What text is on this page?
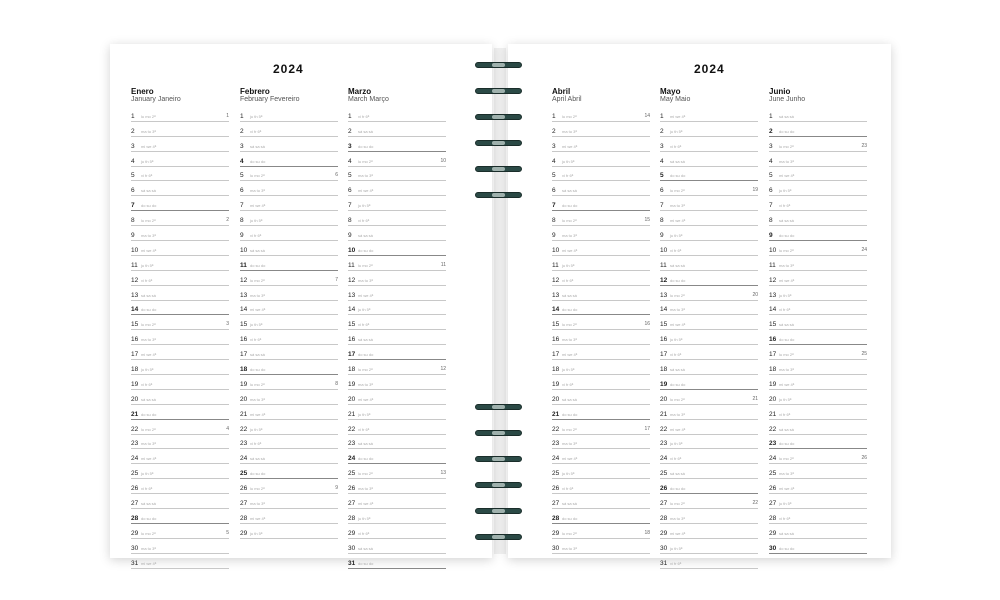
2024
Enero
January Janeiro
1 lu mo 2ª	1
2 ma tu 3ª
3 mi we 4ª
4 ju th 5ª
5 vi fr 6ª
6 sá sa sá
7 do su do
8 lu mo 2ª	2
9 ma tu 3ª
10 mi we 4ª
11 ju th 5ª
12 vi fr 6ª
13 sá sa sá
14 do su do
15 lu mo 2ª	3
16 ma tu 3ª
17 mi we 4ª
18 ju th 5ª
19 vi fr 6ª
20 sá sa sá
21 do su do
22 lu mo 2ª	4
23 ma tu 3ª
24 mi we 4ª
25 ju th 5ª
26 vi fr 6ª
27 sá sa sá
28 do su do
29 lu mo 2ª	5
30 ma tu 3ª
31 mi we 4ª
Febrero
February Fevereiro
1 ju th 5ª
2 vi fr 6ª
3 sá sa sá
4 do su do
5 lu mo 2ª	6
6 ma tu 3ª
7 mi we 4ª
8 ju th 5ª
9 vi fr 6ª
10 sá sa sá
11 do su do
12 lu mo 2ª	7
13 ma tu 3ª
14 mi we 4ª
15 ju th 5ª
16 vi fr 6ª
17 sá sa sá
18 do su do
19 lu mo 2ª	8
20 ma tu 3ª
21 mi we 4ª
22 ju th 5ª
23 vi fr 6ª
24 sá sa sá
25 do su do
26 lu mo 2ª	9
27 ma tu 3ª
28 mi we 4ª
29 ju th 5ª
Marzo
March Março
1 vi fr 6ª
2 sá sa sá
3 do su do
4 lu mo 2ª	10
5 ma tu 3ª
6 mi we 4ª
7 ju th 5ª
8 vi fr 6ª
9 sá sa sá
10 do su do
11 lu mo 2ª	11
12 ma tu 3ª
13 mi we 4ª
14 ju th 5ª
15 vi fr 6ª
16 sá sa sá
17 do su do
18 lu mo 2ª	12
19 ma tu 3ª
20 mi we 4ª
21 ju th 5ª
22 vi fr 6ª
23 sá sa sá
24 do su do
25 lu mo 2ª	13
26 ma tu 3ª
27 mi we 4ª
28 ju th 5ª
29 vi fr 6ª
30 sá sa sá
31 do su do
2024
Abril
April Abril
1 lu mo 2ª	14
2 ma tu 3ª
3 mi we 4ª
4 ju th 5ª
5 vi fr 6ª
6 sá sa sá
7 do su do
8 lu mo 2ª	15
9 ma tu 3ª
10 mi we 4ª
11 ju th 5ª
12 vi fr 6ª
13 sá sa sá
14 do su do
15 lu mo 2ª	16
16 ma tu 3ª
17 mi we 4ª
18 ju th 5ª
19 vi fr 6ª
20 sá sa sá
21 do su do
22 lu mo 2ª	17
23 ma tu 3ª
24 mi we 4ª
25 ju th 5ª
26 vi fr 6ª
27 sá sa sá
28 do su do
29 lu mo 2ª	18
30 ma tu 3ª
Mayo
May Maio
1 mi we 4ª
2 ju th 5ª
3 vi fr 6ª
4 sá sa sá
5 do su do
6 lu mo 2ª	19
7 ma tu 3ª
8 mi we 4ª
9 ju th 5ª
10 vi fr 6ª
11 sá sa sá
12 do su do
13 lu mo 2ª	20
14 ma tu 3ª
15 mi we 4ª
16 ju th 5ª
17 vi fr 6ª
18 sá sa sá
19 do su do
20 lu mo 2ª	21
21 ma tu 3ª
22 mi we 4ª
23 ju th 5ª
24 vi fr 6ª
25 sá sa sá
26 do su do
27 lu mo 2ª	22
28 ma tu 3ª
29 mi we 4ª
30 ju th 5ª
31 vi fr 6ª
Junio
June Junho
1 sá sa sá
2 do su do
3 lu mo 2ª	23
4 ma tu 3ª
5 mi we 4ª
6 ju th 5ª
7 vi fr 6ª
8 sá sa sá
9 do su do
10 lu mo 2ª	24
11 ma tu 3ª
12 mi we 4ª
13 ju th 5ª
14 vi fr 6ª
15 sá sa sá
16 do su do
17 lu mo 2ª	25
18 ma tu 3ª
19 mi we 4ª
20 ju th 5ª
21 vi fr 6ª
22 sá sa sá
23 do su do
24 lu mo 2ª	26
25 ma tu 3ª
26 mi we 4ª
27 ju th 5ª
28 vi fr 6ª
29 sá sa sá
30 do su do
